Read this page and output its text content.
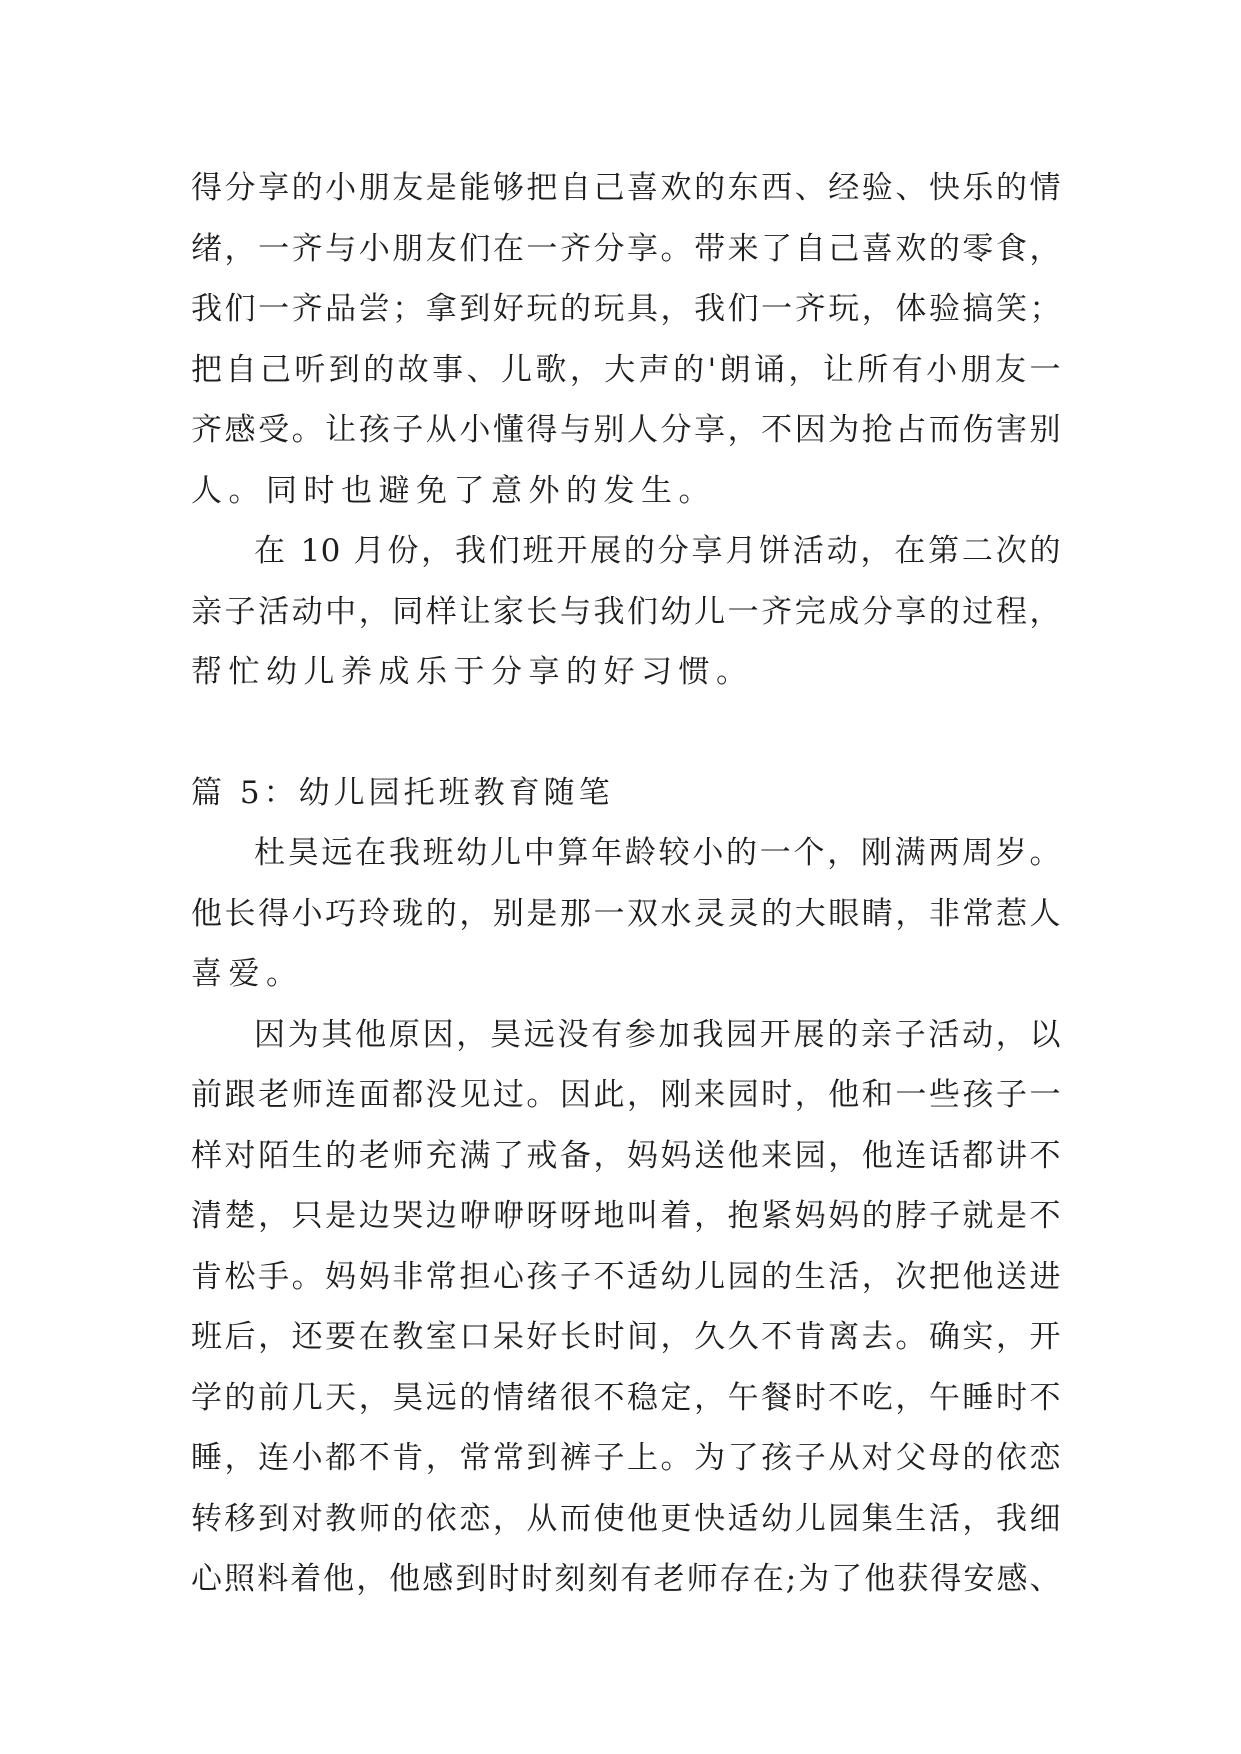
得分享的小朋友是能够把自己喜欢的东西、经验、快乐的情
绪，一齐与小朋友们在一齐分享。带来了自己喜欢的零食，
我们一齐品尝；拿到好玩的玩具，我们一齐玩，体验搞笑；
把自己听到的故事、儿歌，大声的'朗诵，让所有小朋友一
齐感受。让孩子从小懂得与别人分享，不因为抢占而伤害别
人。同时也避免了意外的发生。
在 10 月份，我们班开展的分享月饼活动，在第二次的
亲子活动中，同样让家长与我们幼儿一齐完成分享的过程，
帮忙幼儿养成乐于分享的好习惯。
篇 5：幼儿园托班教育随笔
杜昊远在我班幼儿中算年龄较小的一个，刚满两周岁。
他长得小巧玲珑的，别是那一双水灵灵的大眼睛，非常惹人
喜爱。
因为其他原因，昊远没有参加我园开展的亲子活动，以
前跟老师连面都没见过。因此，刚来园时，他和一些孩子一
样对陌生的老师充满了戒备，妈妈送他来园，他连话都讲不
清楚，只是边哭边咿咿呀呀地叫着，抱紧妈妈的脖子就是不
肯松手。妈妈非常担心孩子不适幼儿园的生活，次把他送进
班后，还要在教室口呆好长时间，久久不肯离去。确实，开
学的前几天，昊远的情绪很不稳定，午餐时不吃，午睡时不
睡，连小都不肯，常常到裤子上。为了孩子从对父母的依恋
转移到对教师的依恋，从而使他更快适幼儿园集生活，我细
心照料着他，他感到时时刻刻有老师存在;为了他获得安感、
